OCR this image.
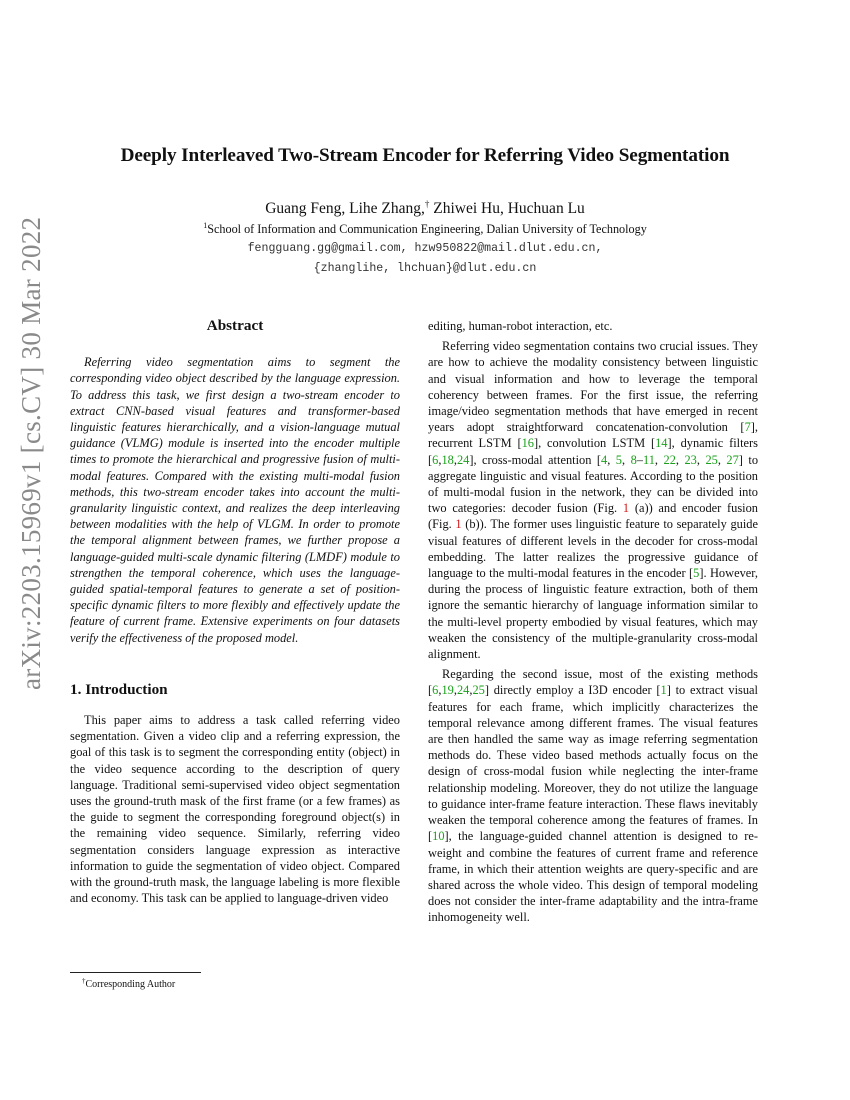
arXiv:2203.15969v1 [cs.CV] 30 Mar 2022
Deeply Interleaved Two-Stream Encoder for Referring Video Segmentation
Guang Feng, Lihe Zhang,† Zhiwei Hu, Huchuan Lu
$^1$School of Information and Communication Engineering, Dalian University of Technology
fengguang.gg@gmail.com, hzw950822@mail.dlut.edu.cn,
{zhanglihe, lhchuan}@dlut.edu.cn
Abstract

Referring video segmentation aims to segment the corresponding video object described by the language expression. To address this task, we first design a two-stream encoder to extract CNN-based visual features and transformer-based linguistic features hierarchically, and a vision-language mutual guidance (VLMG) module is inserted into the encoder multiple times to promote the hierarchical and progressive fusion of multi-modal features. Compared with the existing multi-modal fusion methods, this two-stream encoder takes into account the multi-granularity linguistic context, and realizes the deep interleaving between modalities with the help of VLGM. In order to promote the temporal alignment between frames, we further propose a language-guided multi-scale dynamic filtering (LMDF) module to strengthen the temporal coherence, which uses the language-guided spatial-temporal features to generate a set of position-specific dynamic filters to more flexibly and effectively update the feature of current frame. Extensive experiments on four datasets verify the effectiveness of the proposed model.

1. Introduction

This paper aims to address a task called referring video segmentation. Given a video clip and a referring expression, the goal of this task is to segment the corresponding entity (object) in the video sequence according to the description of query language. Traditional semi-supervised video object segmentation uses the ground-truth mask of the first frame (or a few frames) as the guide to segment the corresponding foreground object(s) in the remaining video sequence. Similarly, referring video segmentation considers language expression as interactive information to guide the segmentation of video object. Compared with the ground-truth mask, the language labeling is more flexible and economy. This task can be applied to language-driven video

editing, human-robot interaction, etc.

Referring video segmentation contains two crucial issues. They are how to achieve the modality consistency between linguistic and visual information and how to leverage the temporal coherency between frames. For the first issue, the referring image/video segmentation methods that have emerged in recent years adopt straightforward concatenation-convolution [7], recurrent LSTM [16], convolution LSTM [14], dynamic filters [6,18,24], cross-modal attention [4, 5, 8–11, 22, 23, 25, 27] to aggregate linguistic and visual features. According to the position of multi-modal fusion in the network, they can be divided into two categories: decoder fusion (Fig. 1 (a)) and encoder fusion (Fig. 1 (b)). The former uses linguistic feature to separately guide visual features of different levels in the decoder for cross-modal embedding. The latter realizes the progressive guidance of language to the multi-modal features in the encoder [5]. However, during the process of linguistic feature extraction, both of them ignore the semantic hierarchy of language information similar to the multi-level property embodied by visual features, which may weaken the consistency of the multiple-granularity cross-modal alignment.

Regarding the second issue, most of the existing methods [6,19,24,25] directly employ a I3D encoder [1] to extract visual features for each frame, which implicitly characterizes the temporal relevance among different frames. The visual features are then handled the same way as image referring segmentation methods do. These video based methods actually focus on the design of cross-modal fusion while neglecting the inter-frame relationship modeling. Moreover, they do not utilize the language to guidance inter-frame feature interaction. These flaws inevitably weaken the temporal coherence among the features of frames. In [10], the language-guided channel attention is designed to re-weight and combine the features of current frame and reference frame, in which their attention weights are query-specific and are shared across the whole video. This design of temporal modeling does not consider the inter-frame adaptability and the intra-frame inhomogeneity well.

†Corresponding Author
